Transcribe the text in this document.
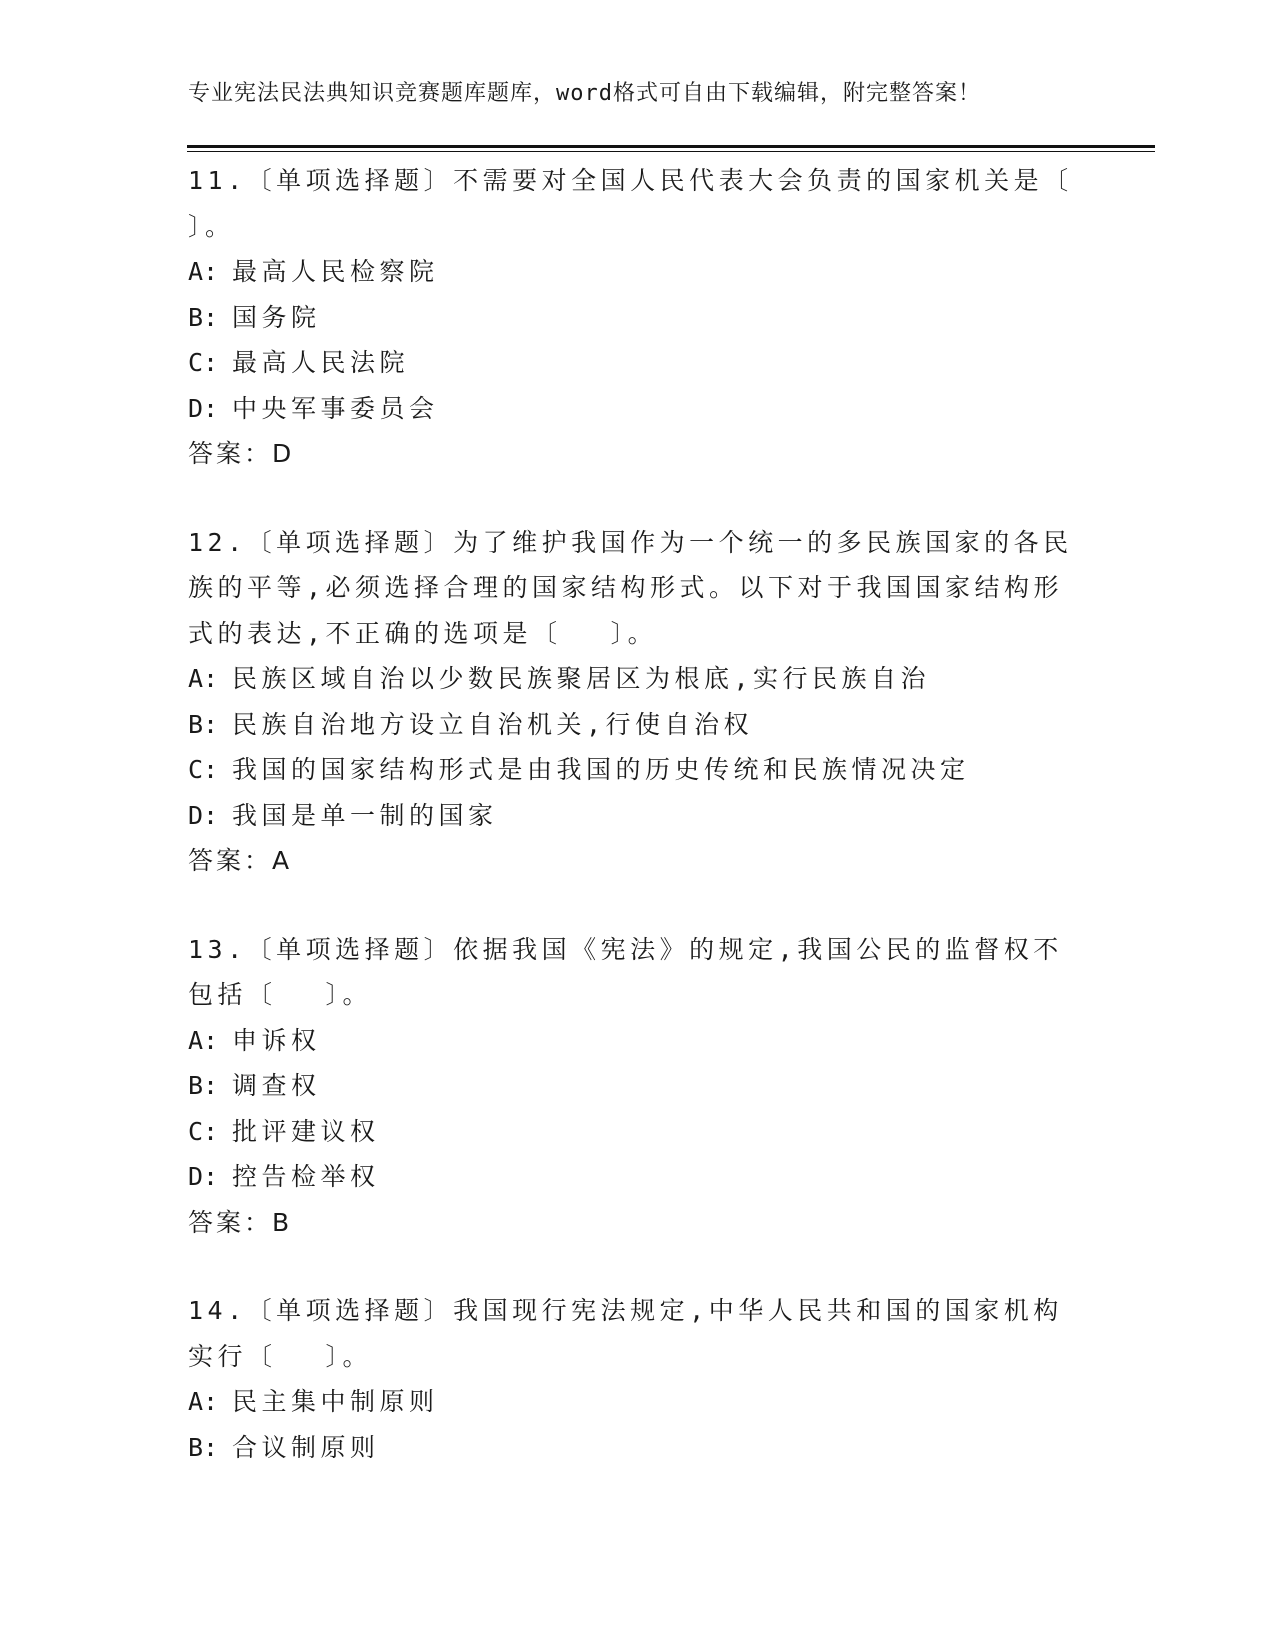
专业宪法民法典知识竞赛题库题库，word格式可自由下载编辑，附完整答案！

11.〔单项选择题〕不需要对全国人民代表大会负责的国家机关是〔 〕。

A: 最高人民检察院
B: 国务院
C: 最高人民法院
D: 中央军事委员会
答案：D

12.〔单项选择题〕为了维护我国作为一个统一的多民族国家的各民族的平等,必须选择合理的国家结构形式。以下对于我国国家结构形式的表达,不正确的选项是〔　 〕。

A: 民族区域自治以少数民族聚居区为根底,实行民族自治
B: 民族自治地方设立自治机关,行使自治权
C: 我国的国家结构形式是由我国的历史传统和民族情况决定
D: 我国是单一制的国家
答案：A

13.〔单项选择题〕依据我国《宪法》的规定,我国公民的监督权不包括〔　 〕。

A: 申诉权
B: 调查权
C: 批评建议权
D: 控告检举权
答案：B

14.〔单项选择题〕我国现行宪法规定,中华人民共和国的国家机构实行〔　 〕。

A: 民主集中制原则
B: 合议制原则
